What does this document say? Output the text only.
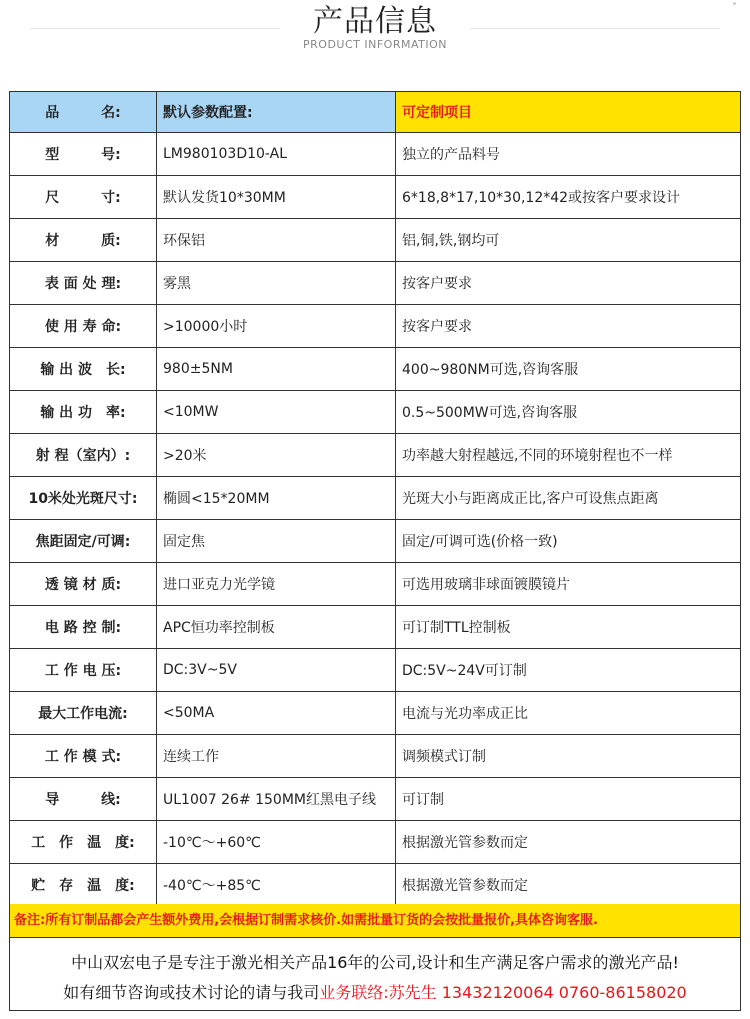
产品信息
PRODUCT INFORMATION
品　　　名:	默认参数配置:	可定制项目
型　　　号:	LM980103D10-AL	独立的产品料号
尺　　　寸:	默认发货10*30MM	6*18,8*17,10*30,12*42或按客户要求设计
材　　　质:	环保铝	铝,铜,铁,钢均可
表 面 处 理:	雾黑	按客户要求
使 用 寿 命:	>10000小时	按客户要求
输 出 波　长:	980±5NM	400~980NM可选,咨询客服
输 出 功　率:	<10MW	0.5~500MW可选,咨询客服
射 程（室内）:	>20米	功率越大射程越远,不同的环境射程也不一样
10米处光斑尺寸:	椭圆<15*20MM	光斑大小与距离成正比,客户可设焦点距离
焦距固定/可调:	固定焦	固定/可调可选(价格一致)
透 镜 材 质:	进口亚克力光学镜	可选用玻璃非球面镀膜镜片
电 路 控 制:	APC恒功率控制板	可订制TTL控制板
工 作 电 压:	DC:3V~5V	DC:5V~24V可订制
最大工作电流:	<50MA	电流与光功率成正比
工 作 模 式:	连续工作	调频模式订制
导　　　线:	UL1007 26# 150MM红黑电子线	可订制
工　作　温　度:	-10℃～+60℃	根据激光管参数而定
贮　存　温　度:	-40℃～+85℃	根据激光管参数而定
备注:所有订制品都会产生额外费用,会根据订制需求核价.如需批量订货的会按批量报价,具体咨询客服.
中山双宏电子是专注于激光相关产品16年的公司,设计和生产满足客户需求的激光产品!
如有细节咨询或技术讨论的请与我司业务联络:苏先生 13432120064 0760-86158020
